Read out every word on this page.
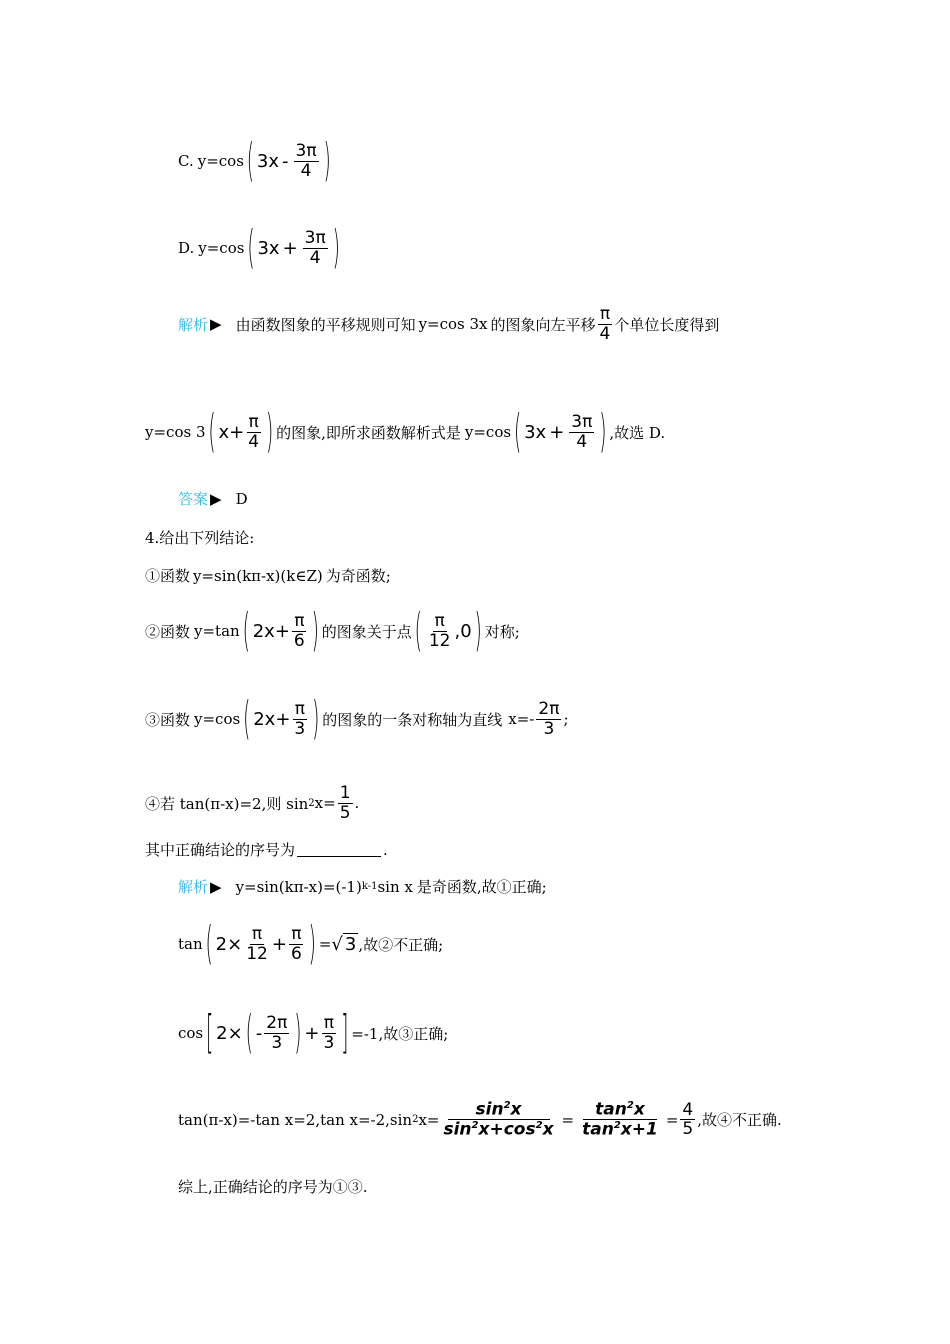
C. y=cos ( $3x - \frac{3\pi}{4}$ )
D. y=cos ( $3x + \frac{3\pi}{4}$ )
解析 ▶ 由函数图象的平移规则可知 y=cos 3x 的图象向左平移 $\frac{\pi}{4}$ 个单位长度得到
y=cos 3 ( $x+ \frac{\pi}{4}$ ) 的图象,即所求函数解析式是 y=cos ( $3x + \frac{3\pi}{4}$ ) ,故选 D.
答案 ▶ D
4.给出下列结论:
①函数 y=sin(kπ-x)(k∈Z) 为奇函数;
②函数 y=tan ( $2x+ \frac{\pi}{6}$ ) 的图象关于点 ( $\frac{\pi}{12} ,0$ ) 对称;
③函数 y=cos ( $2x+ \frac{\pi}{3}$ ) 的图象的一条对称轴为直线 $x=- \frac{2\pi}{3}$ ;
④若 tan(π-x)=2,则 sin 2 $x= \frac{1}{5}$ .
其中正确结论的序号为	.
解析 ▶ y=sin(kπ-x)=(-1) k-1 sin x 是奇函数,故①正确;
tan ( $2\times \frac{\pi}{12} + \frac{\pi}{6}$ ) = √ 3 ,故②不正确;
cos [ 2× ( - $\frac{2\pi}{3}$ ) + $\frac{\pi}{3}$ ] =-1,故③正确;
tan(π-x)=-tan x=2,tan x=-2,sin 2 $x= \frac{\sin^2x}{\sin^2x+\cos^2x} = \frac{\tan^2x}{\tan^2x+1} = \frac{4}{5}$ ,故④不正确.
综上,正确结论的序号为①③.
